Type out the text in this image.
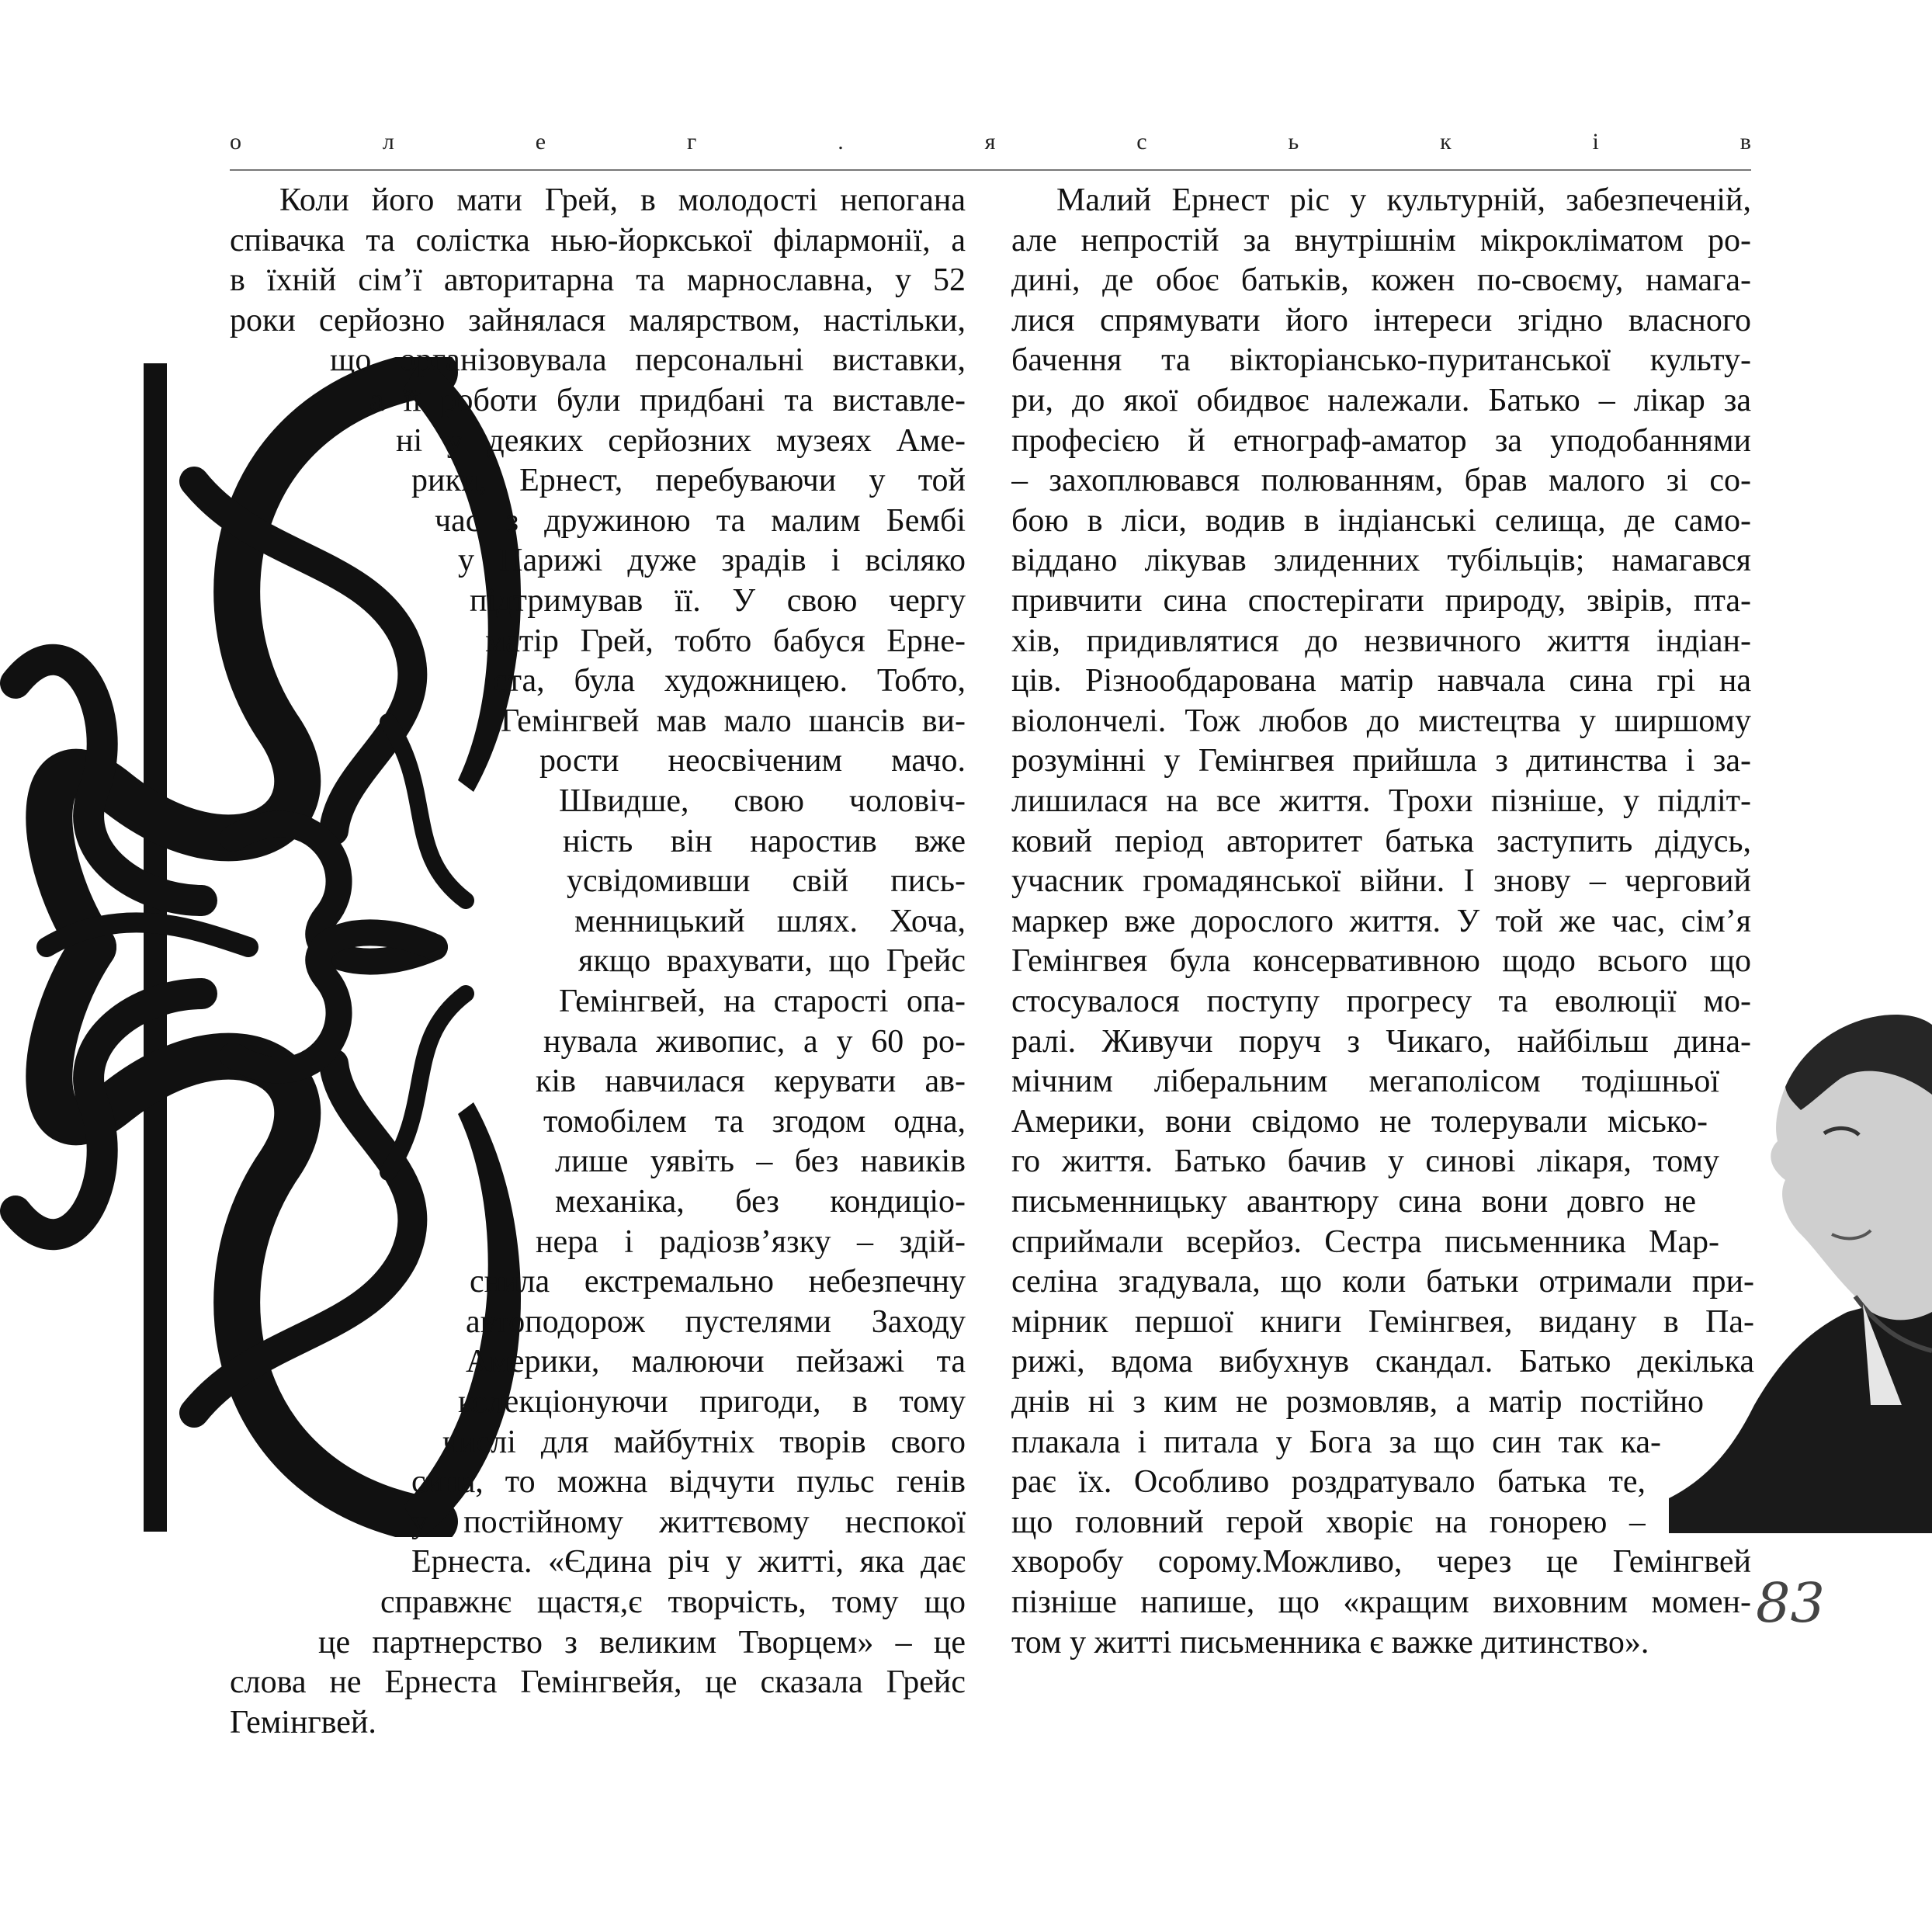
о	л	е	г	.	я	с	ь	к	і	в
83
Коли його мати Грей, в молодості непогана
співачка та солістка нью-йоркської філармонії, а
в їхній сім’ї авторитарна та марнославна, у 52
роки серйозно зайнялася малярством, настільки,
що організовувала персональні виставки,
а її роботи були придбані та виставле-
ні у деяких серйозних музеях Аме-
рики, Ернест, перебуваючи у той
час з дружиною та малим Бембі
у Парижі дуже зрадів і всіляко
підтримував її. У свою чергу
матір Грей, тобто бабуся Ерне-
ста, була художницею. Тобто,
Гемінгвей мав мало шансів ви-
рости неосвіченим мачо.
Швидше, свою чоловіч-
ність він наростив вже
усвідомивши свій пись-
менницький шлях. Хоча,
якщо врахувати, що Грейс
Гемінгвей, на старості опа-
нувала живопис, а у 60 ро-
ків навчилася керувати ав-
томобілем та згодом одна,
лише уявіть – без навиків
механіка, без кондиціо-
нера і радіозв’язку – здій-
снила екстремально небезпечну
автоподорож пустелями Заходу
Америки, малюючи пейзажі та
колекціонуючи пригоди, в тому
числі для майбутніх творів свого
сина, то можна відчути пульс генів
у постійному життєвому неспокої
Ернеста. «Єдина річ у житті, яка дає
справжнє щастя,є творчість, тому що
це партнерство з великим Творцем» – це
слова не Ернеста Гемінгвейя, це сказала Грейс
Гемінгвей.
Малий Ернест ріс у культурній, забезпеченій,
але непростій за внутрішнім мікрокліматом ро-
дині, де обоє батьків, кожен по-своєму, намага-
лися спрямувати його інтереси згідно власного
бачення та вікторіансько-пуританської культу-
ри, до якої обидвоє належали. Батько – лікар за
професією й етнограф-аматор за уподобаннями
– захоплювався полюванням, брав малого зі со-
бою в ліси, водив в індіанські селища, де само-
віддано лікував злиденних тубільців; намагався
привчити сина спостерігати природу, звірів, пта-
хів, придивлятися до незвичного життя індіан-
ців. Різнообдарована матір навчала сина грі на
віолончелі. Тож любов до мистецтва у ширшому
розумінні у Гемінгвея прийшла з дитинства і за-
лишилася на все життя. Трохи пізніше, у підліт-
ковий період авторитет батька заступить дідусь,
учасник громадянської війни. І знову – черговий
маркер вже дорослого життя. У той же час, сім’я
Гемінгвея була консервативною щодо всього що
стосувалося поступу прогресу та еволюції мо-
ралі. Живучи поруч з Чикаго, найбільш дина-
мічним ліберальним мегаполісом тодішньої
Америки, вони свідомо не толерували місько-
го життя. Батько бачив у синові лікаря, тому
письменницьку авантюру сина вони довго не
сприймали всерйоз. Сестра письменника Мар-
селіна згадувала, що коли батьки отримали при-
мірник першої книги Гемінгвея, видану в Па-
рижі, вдома вибухнув скандал. Батько декілька
днів ні з ким не розмовляв, а матір постійно
плакала і питала у Бога за що син так ка-
рає їх. Особливо роздратувало батька те,
що головний герой хворіє на гонорею –
хворобу сорому.Можливо, через це Гемінгвей
пізніше напише, що «кращим виховним момен-
том у житті письменника є важке дитинство».
